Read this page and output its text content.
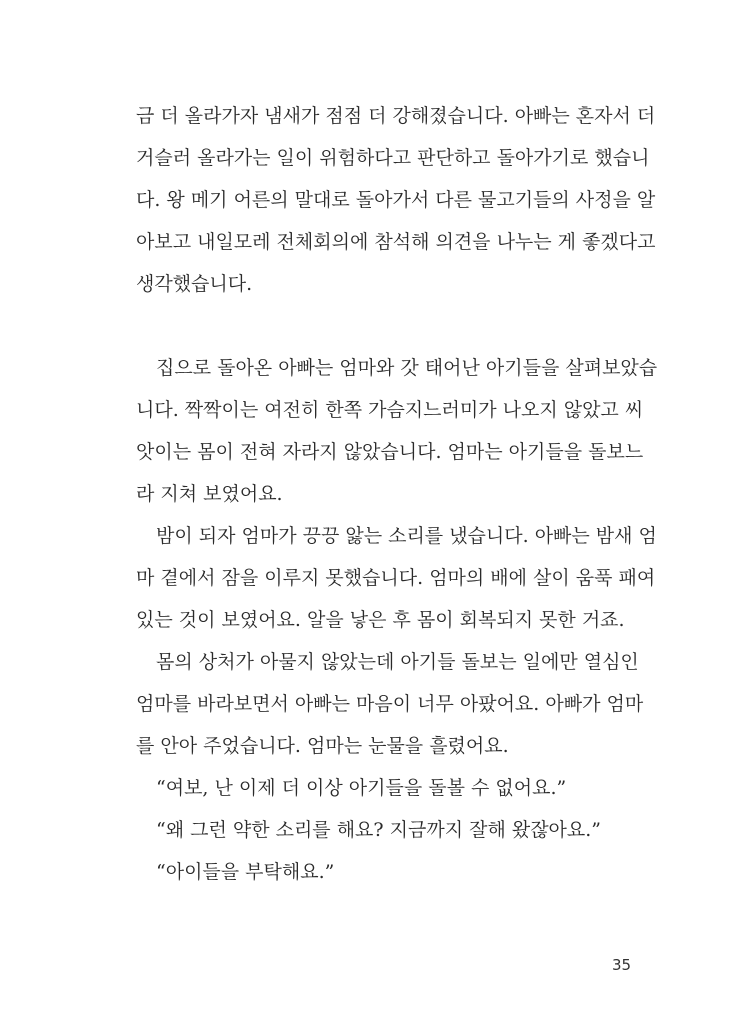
금 더 올라가자 냄새가 점점 더 강해졌습니다. 아빠는 혼자서 더
거슬러 올라가는 일이 위험하다고 판단하고 돌아가기로 했습니
다. 왕 메기 어른의 말대로 돌아가서 다른 물고기들의 사정을 알
아보고 내일모레 전체회의에 참석해 의견을 나누는 게 좋겠다고
생각했습니다.
집으로 돌아온 아빠는 엄마와 갓 태어난 아기들을 살펴보았습
니다. 짝짝이는 여전히 한쪽 가슴지느러미가 나오지 않았고 씨
앗이는 몸이 전혀 자라지 않았습니다. 엄마는 아기들을 돌보느
라 지쳐 보였어요.
밤이 되자 엄마가 끙끙 앓는 소리를 냈습니다. 아빠는 밤새 엄
마 곁에서 잠을 이루지 못했습니다. 엄마의 배에 살이 움푹 패여
있는 것이 보였어요. 알을 낳은 후 몸이 회복되지 못한 거죠.
몸의 상처가 아물지 않았는데 아기들 돌보는 일에만 열심인
엄마를 바라보면서 아빠는 마음이 너무 아팠어요. 아빠가 엄마
를 안아 주었습니다. 엄마는 눈물을 흘렸어요.
“여보, 난 이제 더 이상 아기들을 돌볼 수 없어요.”
“왜 그런 약한 소리를 해요? 지금까지 잘해 왔잖아요.”
“아이들을 부탁해요.”
35
